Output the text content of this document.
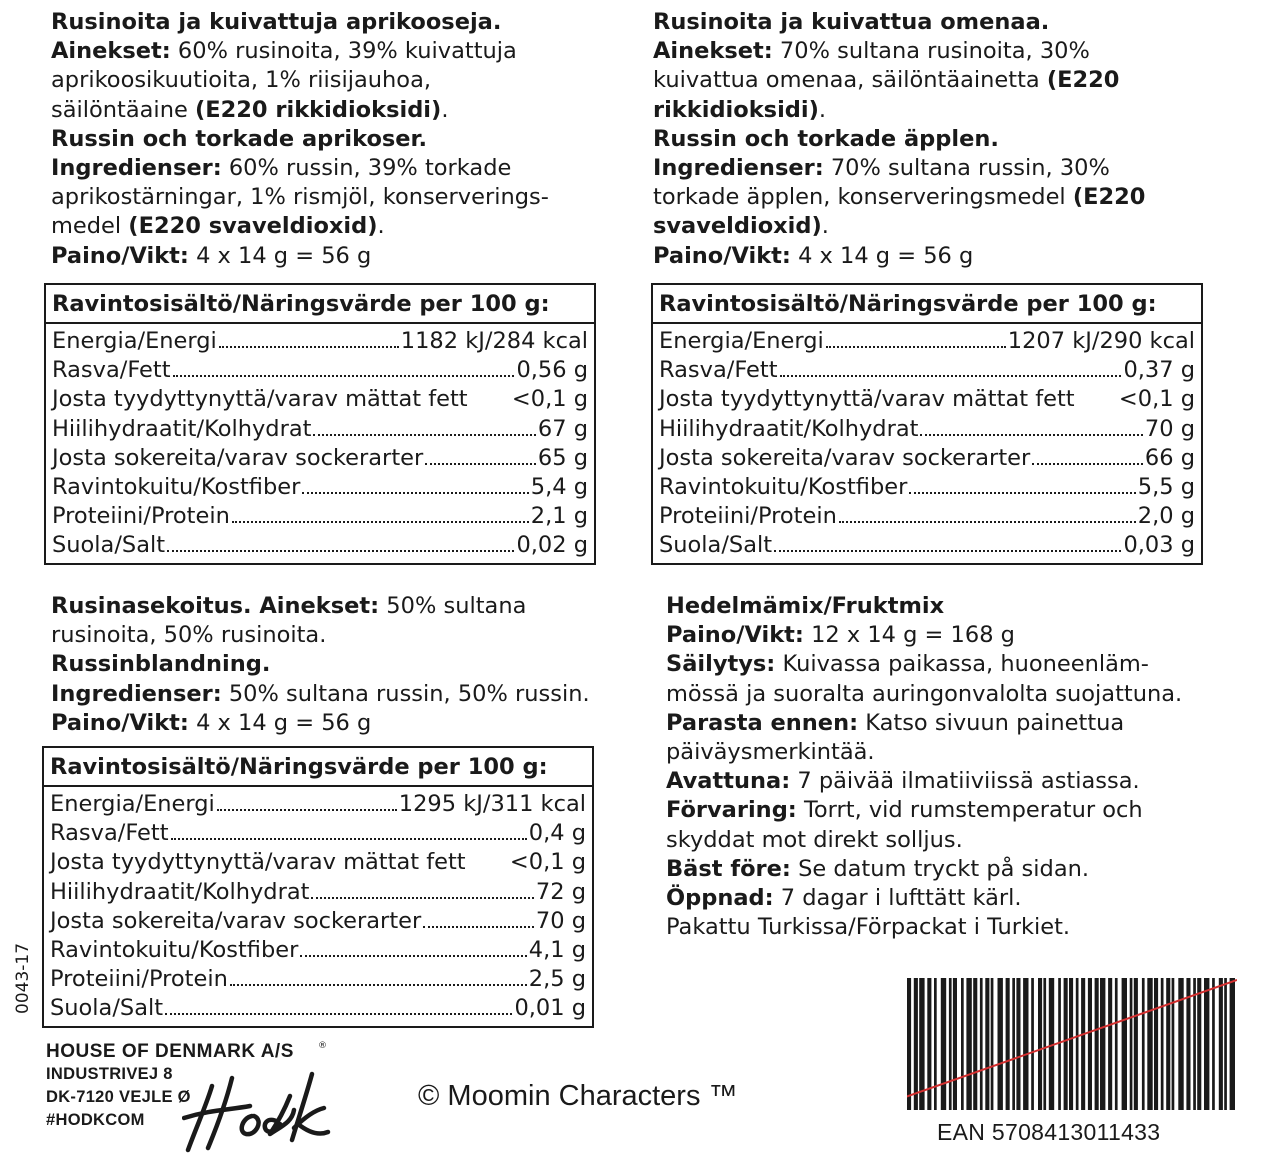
Rusinoita ja kuivattuja aprikooseja.

Ainekset: 60% rusinoita, 39% kuivattuja

aprikoosikuutioita, 1% riisijauhoa,

säilöntäaine (E220 rikkidioksidi).

Russin och torkade aprikoser.

Ingredienser: 60% russin, 39% torkade

aprikostärningar, 1% rismjöl, konserverings-

medel (E220 svaveldioxid).

Paino/Vikt: 4 x 14 g = 56 g

Ravintosisältö/Näringsvärde per 100 g:
Energia/Energi	1182 kJ/284 kcal
Rasva/Fett	0,56 g
Josta tyydyttynyttä/varav mättat fett <0,1 g
Hiilihydraatit/Kolhydrat	67 g
Josta sokereita/varav sockerarter	65 g
Ravintokuitu/Kostfiber	5,4 g
Proteiini/Protein	2,1 g
Suola/Salt	0,02 g

Rusinoita ja kuivattua omenaa.

Ainekset: 70% sultana rusinoita, 30%

kuivattua omenaa, säilöntäainetta (E220

rikkidioksidi).

Russin och torkade äpplen.

Ingredienser: 70% sultana russin, 30%

torkade äpplen, konserveringsmedel (E220

svaveldioxid).

Paino/Vikt: 4 x 14 g = 56 g

Ravintosisältö/Näringsvärde per 100 g:
Energia/Energi	1207 kJ/290 kcal
Rasva/Fett	0,37 g
Josta tyydyttynyttä/varav mättat fett <0,1 g
Hiilihydraatit/Kolhydrat	70 g
Josta sokereita/varav sockerarter	66 g
Ravintokuitu/Kostfiber	5,5 g
Proteiini/Protein	2,0 g
Suola/Salt	0,03 g

Rusinasekoitus. Ainekset: 50% sultana

rusinoita, 50% rusinoita.

Russinblandning.

Ingredienser: 50% sultana russin, 50% russin.

Paino/Vikt: 4 x 14 g = 56 g

Ravintosisältö/Näringsvärde per 100 g:
Energia/Energi	1295 kJ/311 kcal
Rasva/Fett	0,4 g
Josta tyydyttynyttä/varav mättat fett <0,1 g
Hiilihydraatit/Kolhydrat	72 g
Josta sokereita/varav sockerarter	70 g
Ravintokuitu/Kostfiber	4,1 g
Proteiini/Protein	2,5 g
Suola/Salt	0,01 g

Hedelmämix/Fruktmix

Paino/Vikt: 12 x 14 g = 168 g

Säilytys: Kuivassa paikassa, huoneenläm-

mössä ja suoralta auringonvalolta suojattuna.

Parasta ennen: Katso sivuun painettua

päiväysmerkintää.

Avattuna: 7 päivää ilmatiiviissä astiassa.

Förvaring: Torrt, vid rumstemperatur och

skyddat mot direkt solljus.

Bäst före: Se datum tryckt på sidan.

Öppnad: 7 dagar i lufttätt kärl.

Pakattu Turkissa/Förpackat i Turkiet.

0043-17
HOUSE OF DENMARK A/S
INDUSTRIVEJ 8
DK-7120 VEJLE Ø
#HODKCOM
®
© Moomin Characters ™
EAN 5708413011433
